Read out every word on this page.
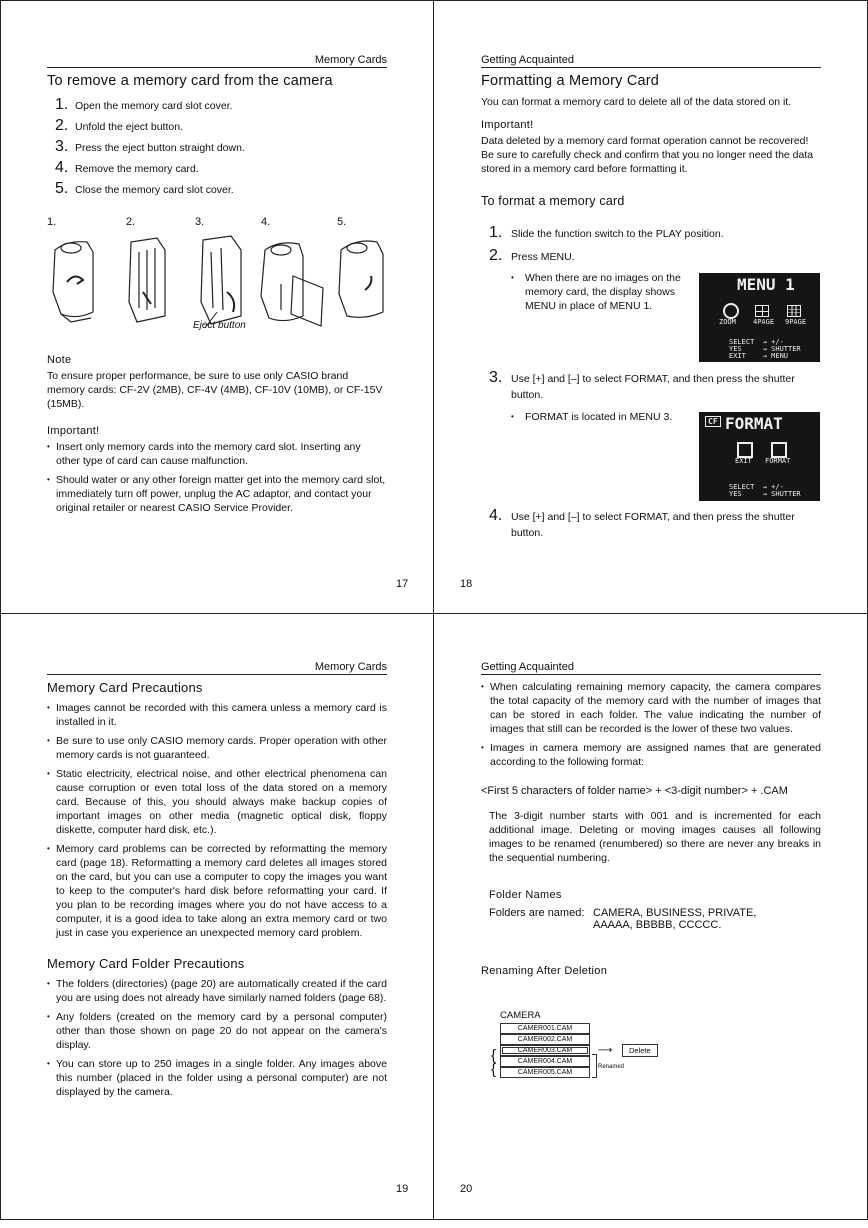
Memory Cards
To remove a memory card from the camera
1. Open the memory card slot cover.
2. Unfold the eject button.
3. Press the eject button straight down.
4. Remove the memory card.
5. Close the memory card slot cover.
1.	2.	3.	4.	5.
Eject button
Note
To ensure proper performance, be sure to use only CASIO brand memory cards: CF-2V (2MB), CF-4V (4MB), CF-10V (10MB), or CF-15V (15MB).
Important!
• Insert only memory cards into the memory card slot. Inserting any other type of card can cause malfunction.
• Should water or any other foreign matter get into the memory card slot, immediately turn off power, unplug the AC adaptor, and contact your original retailer or nearest CASIO Service Provider.
17
Getting Acquainted
Formatting a Memory Card
You can format a memory card to delete all of the data stored on it.
Important!
Data deleted by a memory card format operation cannot be recovered! Be sure to carefully check and confirm that you no longer need the data stored in a memory card before formatting it.
To format a memory card
1. Slide the function switch to the PLAY position.
2. Press MENU.
• When there are no images on the memory card, the display shows MENU in place of MENU 1.
MENU 1
ZOOM 4PAGE 9PAGE
SELECT  → +/-
YES     → SHUTTER
EXIT    → MENU
3. Use [+] and [–] to select FORMAT, and then press the shutter button.
• FORMAT is located in MENU 3.	CF FORMAT
EXIT FORMAT
SELECT  → +/-
YES     → SHUTTER
4. Use [+] and [–] to select FORMAT, and then press the shutter button.
18
Memory Cards
Memory Card Precautions
• Images cannot be recorded with this camera unless a memory card is installed in it.
• Be sure to use only CASIO memory cards. Proper operation with other memory cards is not guaranteed.
• Static electricity, electrical noise, and other electrical phenomena can cause corruption or even total loss of the data stored on a memory card. Because of this, you should always make backup copies of important images on other media (magnetic optical disk, floppy diskette, computer hard disk, etc.).
• Memory card problems can be corrected by reformatting the memory card (page 18). Reformatting a memory card deletes all images stored on the card, but you can use a computer to copy the images you want to keep to the computer's hard disk before reformatting your card. If you plan to be recording images where you do not have access to a computer, it is a good idea to take along an extra memory card or two just in case you experience an unexpected memory card problem.
Memory Card Folder Precautions
• The folders (directories) (page 20) are automatically created if the card you are using does not already have similarly named folders (page 68).
• Any folders (created on the memory card by a personal computer) other than those shown on page 20 do not appear on the camera's display.
• You can store up to 250 images in a single folder. Any images above this number (placed in the folder using a personal computer) are not displayed by the camera.
19
Getting Acquainted
• When calculating remaining memory capacity, the camera compares the total capacity of the memory card with the number of images that can be stored in each folder. The value indicating the number of images that still can be recorded is the lower of these two values.
• Images in camera memory are assigned names that are generated according to the following format:
<First 5 characters of folder name> + <3-digit number> + .CAM
The 3-digit number starts with 001 and is incremented for each additional image. Deleting or moving images causes all following images to be renamed (renumbered) so there are never any breaks in the sequential numbering.
Folder Names
Folders are named: CAMERA, BUSINESS, PRIVATE,
AAAAA, BBBBB, CCCCC.
Renaming After Deletion
CAMERA
CAMER001.CAM
CAMER002.CAM
CAMER003.CAM
CAMER004.CAM
CAMER005.CAM
{
{
⟶	Delete
Renamed
20
